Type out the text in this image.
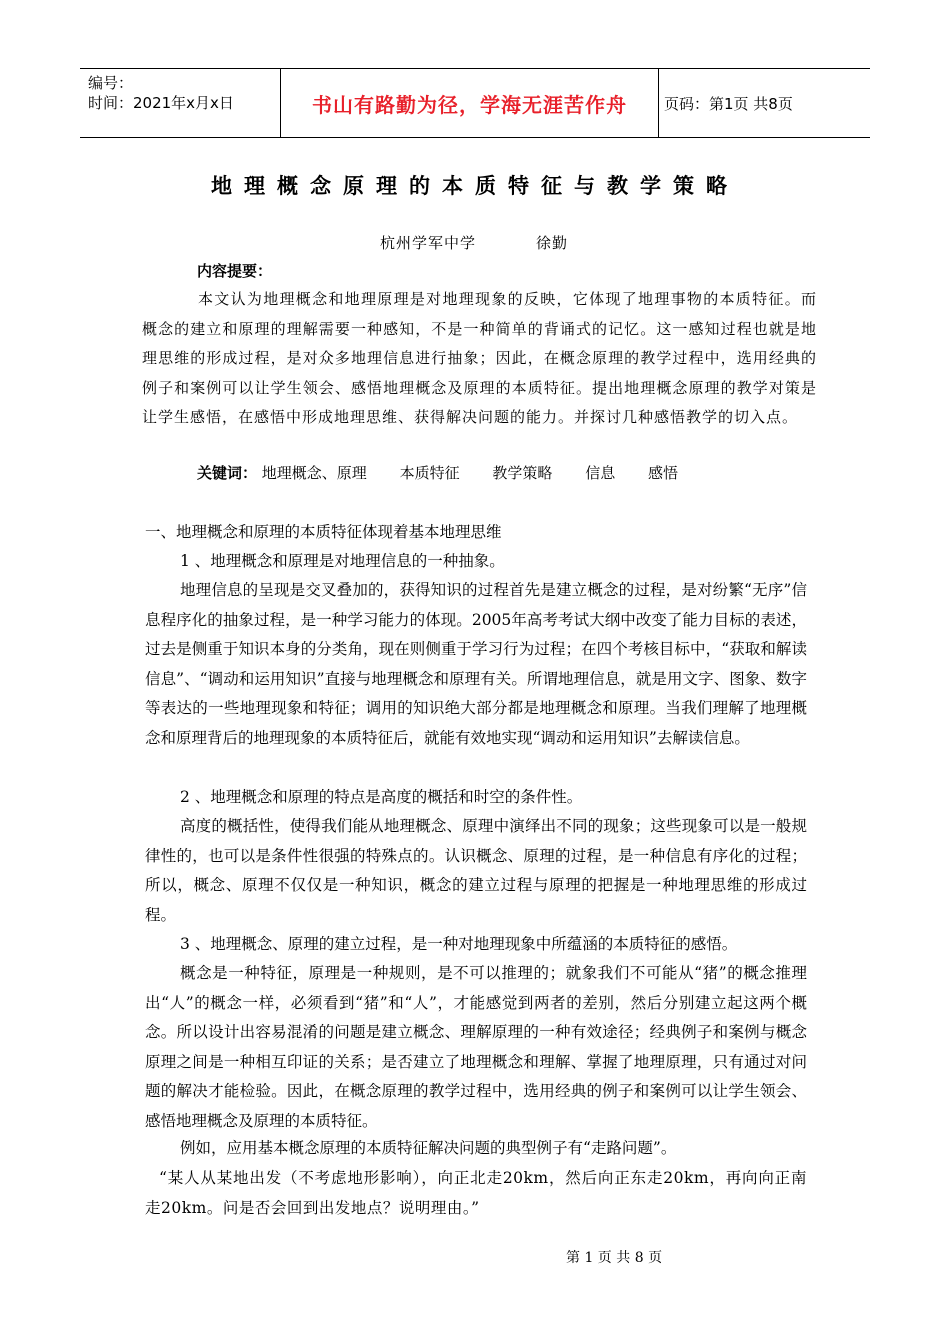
编号：
时间：2021年x月x日	书山有路勤为径，学海无涯苦作舟	页码：第1页 共8页
地理概念原理的本质特征与教学策略
杭州学军中学	徐勤
内容提要：

本文认为地理概念和地理原理是对地理现象的反映，它体现了地理事物的本质特征。而概念的建立和原理的理解需要一种感知，不是一种简单的背诵式的记忆。这一感知过程也就是地理思维的形成过程，是对众多地理信息进行抽象；因此，在概念原理的教学过程中，选用经典的例子和案例可以让学生领会、感悟地理概念及原理的本质特征。提出地理概念原理的教学对策是让学生感悟，在感悟中形成地理思维、获得解决问题的能力。并探讨几种感悟教学的切入点。

关键词： 地理概念、原理 本质特征 教学策略 信息 感悟

一、地理概念和原理的本质特征体现着基本地理思维

1 、地理概念和原理是对地理信息的一种抽象。

地理信息的呈现是交叉叠加的，获得知识的过程首先是建立概念的过程，是对纷繁“无序”信息程序化的抽象过程，是一种学习能力的体现。2005年高考考试大纲中改变了能力目标的表述，过去是侧重于知识本身的分类角，现在则侧重于学习行为过程；在四个考核目标中，“获取和解读信息”、“调动和运用知识”直接与地理概念和原理有关。所谓地理信息，就是用文字、图象、数字等表达的一些地理现象和特征；调用的知识绝大部分都是地理概念和原理。当我们理解了地理概念和原理背后的地理现象的本质特征后，就能有效地实现“调动和运用知识”去解读信息。

2 、地理概念和原理的特点是高度的概括和时空的条件性。

高度的概括性，使得我们能从地理概念、原理中演绎出不同的现象；这些现象可以是一般规律性的，也可以是条件性很强的特殊点的。认识概念、原理的过程，是一种信息有序化的过程；所以，概念、原理不仅仅是一种知识，概念的建立过程与原理的把握是一种地理思维的形成过程。

3 、地理概念、原理的建立过程，是一种对地理现象中所蕴涵的本质特征的感悟。

概念是一种特征，原理是一种规则，是不可以推理的；就象我们不可能从“猪”的概念推理出“人”的概念一样，必须看到“猪”和“人”，才能感觉到两者的差别，然后分别建立起这两个概念。所以设计出容易混淆的问题是建立概念、理解原理的一种有效途径；经典例子和案例与概念原理之间是一种相互印证的关系；是否建立了地理概念和理解、掌握了地理原理，只有通过对问题的解决才能检验。因此，在概念原理的教学过程中，选用经典的例子和案例可以让学生领会、感悟地理概念及原理的本质特征。

例如，应用基本概念原理的本质特征解决问题的典型例子有“走路问题”。

“某人从某地出发（不考虑地形影响），向正北走20km，然后向正东走20km，再向向正南走20km。问是否会回到出发地点？说明理由。”

第 1 页 共 8 页
